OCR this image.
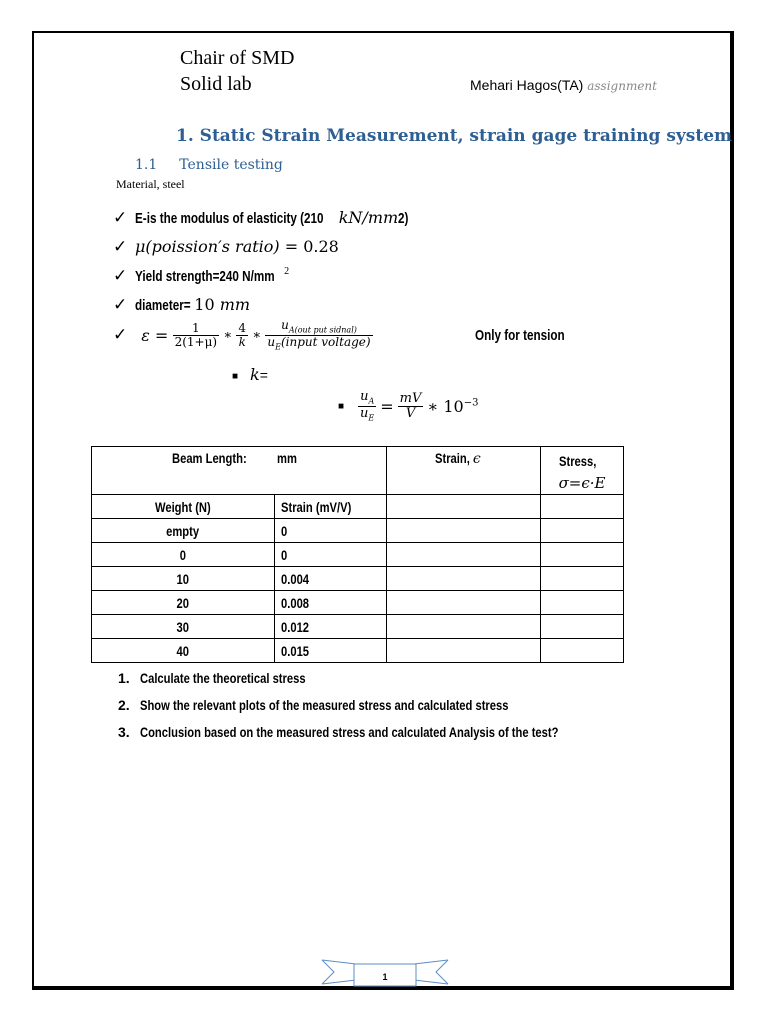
Chair of SMD
Solid lab	Mehari Hagos(TA) assignment
1. Static Strain Measurement, strain gage training system
1.1 Tensile testing
Material, steel
✓ E-is the modulus of elasticity (210 kN/mm2)
✓ μ(poission′s ratio) = 0.28
✓ Yield strength=240 N/mm $^2$
✓ diameter= 10 mm
✓ $\varepsilon = \frac{1}{2(1+\mu)}$ ∗ $\frac{4}{k}$ ∗ $\frac{u_{A(out put sidnal)}}{u_E(input voltage)}$	Only for tension
■ k=
■ $\frac{u_A}{u_E} = \frac{mV}{V}$ ∗ $10^{-3}$
Beam Length: mm		Strain,ϵ	Stress,
σ=ϵ·E
Weight (N)	Strain (mV/V)		
empty	0		
0	0		
10	0.004		
20	0.008		
30	0.012		
40	0.015		
1. Calculate the theoretical stress
2. Show the relevant plots of the measured stress and calculated stress
3. Conclusion based on the measured stress and calculated Analysis of the test?
1
